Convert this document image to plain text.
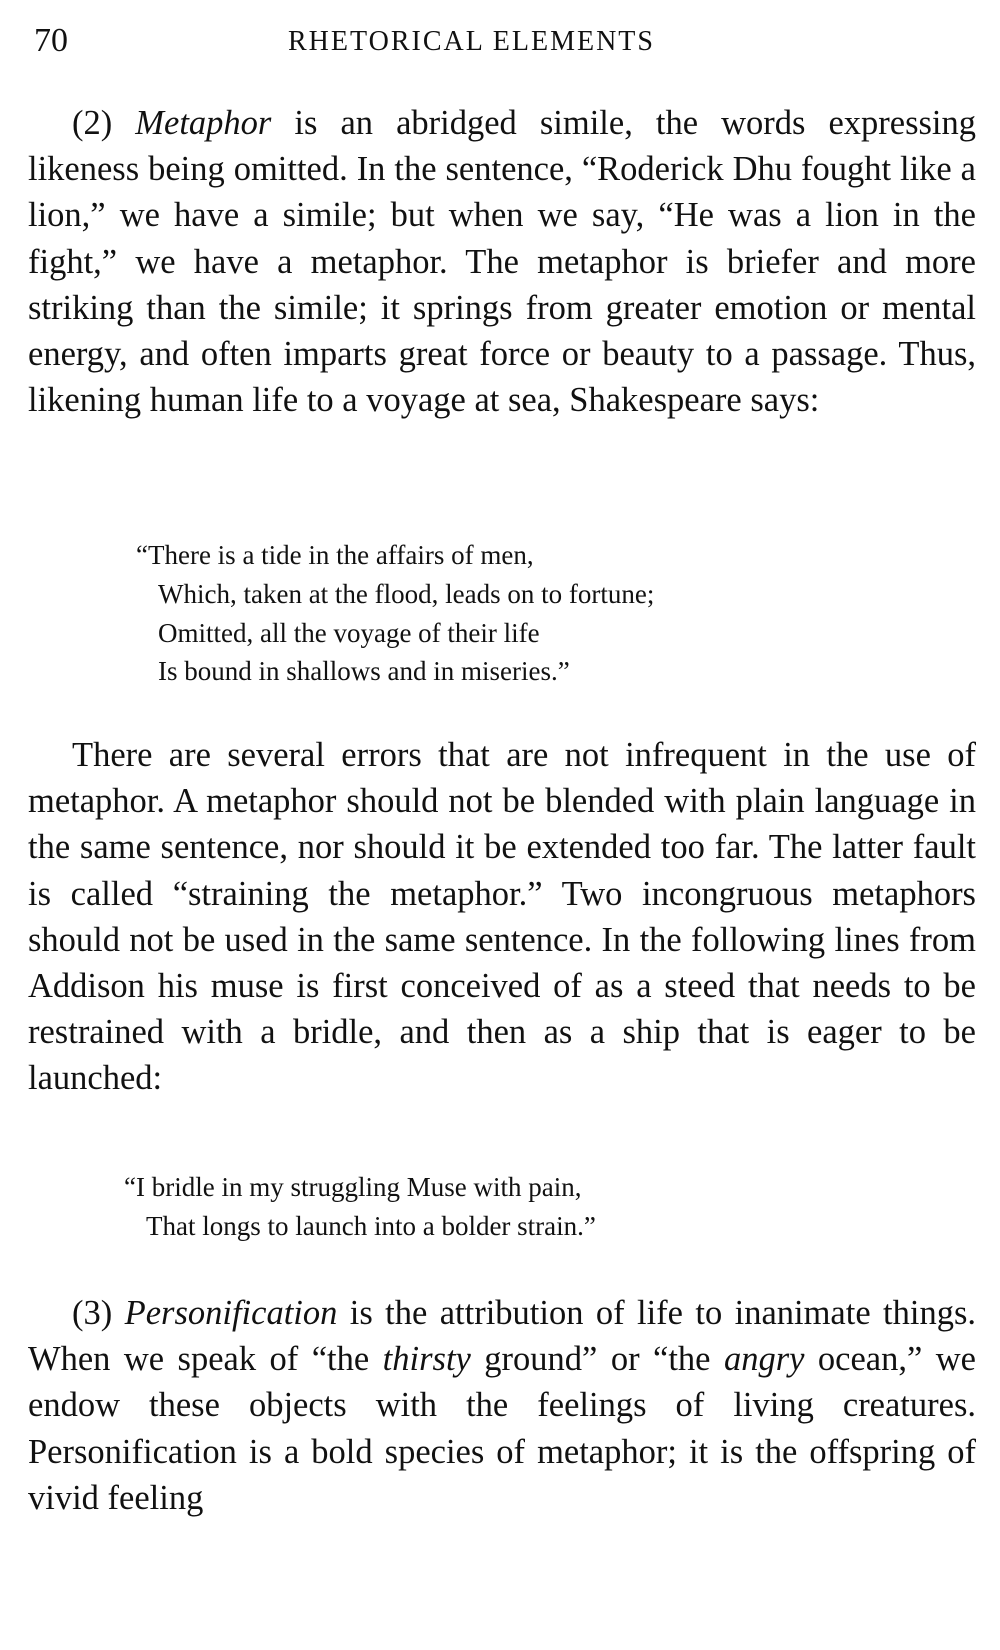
70	RHETORICAL ELEMENTS

(2) Metaphor is an abridged simile, the words expressing likeness being omitted. In the sentence, “Roderick Dhu fought like a lion,” we have a simile; but when we say, “He was a lion in the fight,” we have a metaphor. The metaphor is briefer and more striking than the simile; it springs from greater emotion or mental energy, and often imparts great force or beauty to a passage. Thus, likening human life to a voyage at sea, Shakespeare says:

“There is a tide in the affairs of men,
Which, taken at the flood, leads on to fortune;
Omitted, all the voyage of their life
Is bound in shallows and in miseries.”

There are several errors that are not infrequent in the use of metaphor. A metaphor should not be blended with plain language in the same sentence, nor should it be extended too far. The latter fault is called “straining the metaphor.” Two incongruous metaphors should not be used in the same sentence. In the following lines from Addison his muse is first conceived of as a steed that needs to be restrained with a bridle, and then as a ship that is eager to be launched:

“I bridle in my struggling Muse with pain,
That longs to launch into a bolder strain.”

(3) Personification is the attribution of life to inanimate things. When we speak of “the thirsty ground” or “the angry ocean,” we endow these objects with the feelings of living creatures. Personification is a bold species of metaphor; it is the offspring of vivid feeling
